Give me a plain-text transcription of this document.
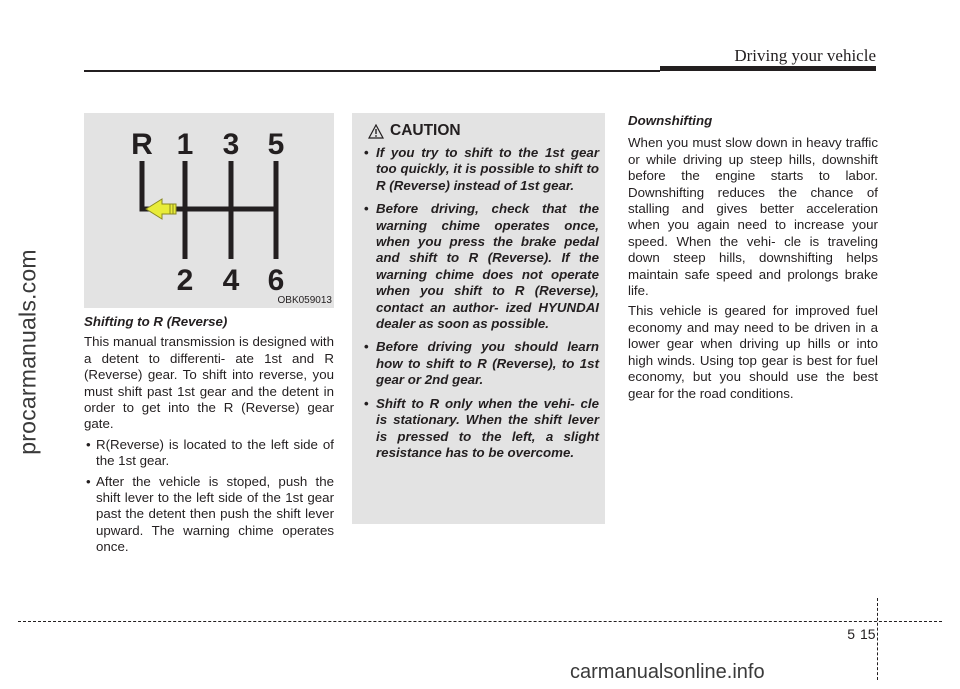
procarmanuals.com
Driving your vehicle
R 1 3 5
2 4 6
OBK059013
Shifting to R (Reverse)
This manual transmission is designed with a detent to differenti- ate 1st and R (Reverse) gear. To shift into reverse, you must shift past 1st gear and the detent in order to get into the R (Reverse) gear gate.
• R(Reverse) is located to the left side of the 1st gear.
• After the vehicle is stoped, push the shift lever to the left side of the 1st gear past the detent then push the shift lever upward. The warning chime operates once.
CAUTION
• If you try to shift to the 1st gear too quickly, it is possible to shift to R (Reverse) instead of 1st gear.
• Before driving, check that the warning chime operates once, when you press the brake pedal and shift to R (Reverse). If the warning chime does not operate when you shift to R (Reverse), contact an author- ized HYUNDAI dealer as soon as possible.
• Before driving you should learn how to shift to R (Reverse), to 1st gear or 2nd gear.
• Shift to R only when the vehi- cle is stationary. When the shift lever is pressed to the left, a slight resistance has to be overcome.
Downshifting
When you must slow down in heavy traffic or while driving up steep hills, downshift before the engine starts to labor. Downshifting reduces the chance of stalling and gives better acceleration when you again need to increase your speed. When the vehi- cle is traveling down steep hills, downshifting helps maintain safe speed and prolongs brake life.
This vehicle is geared for improved fuel economy and may need to be driven in a lower gear when driving up hills or into high winds. Using top gear is best for fuel economy, but you should use the best gear for the road conditions.
5 15
carmanualsonline.info
